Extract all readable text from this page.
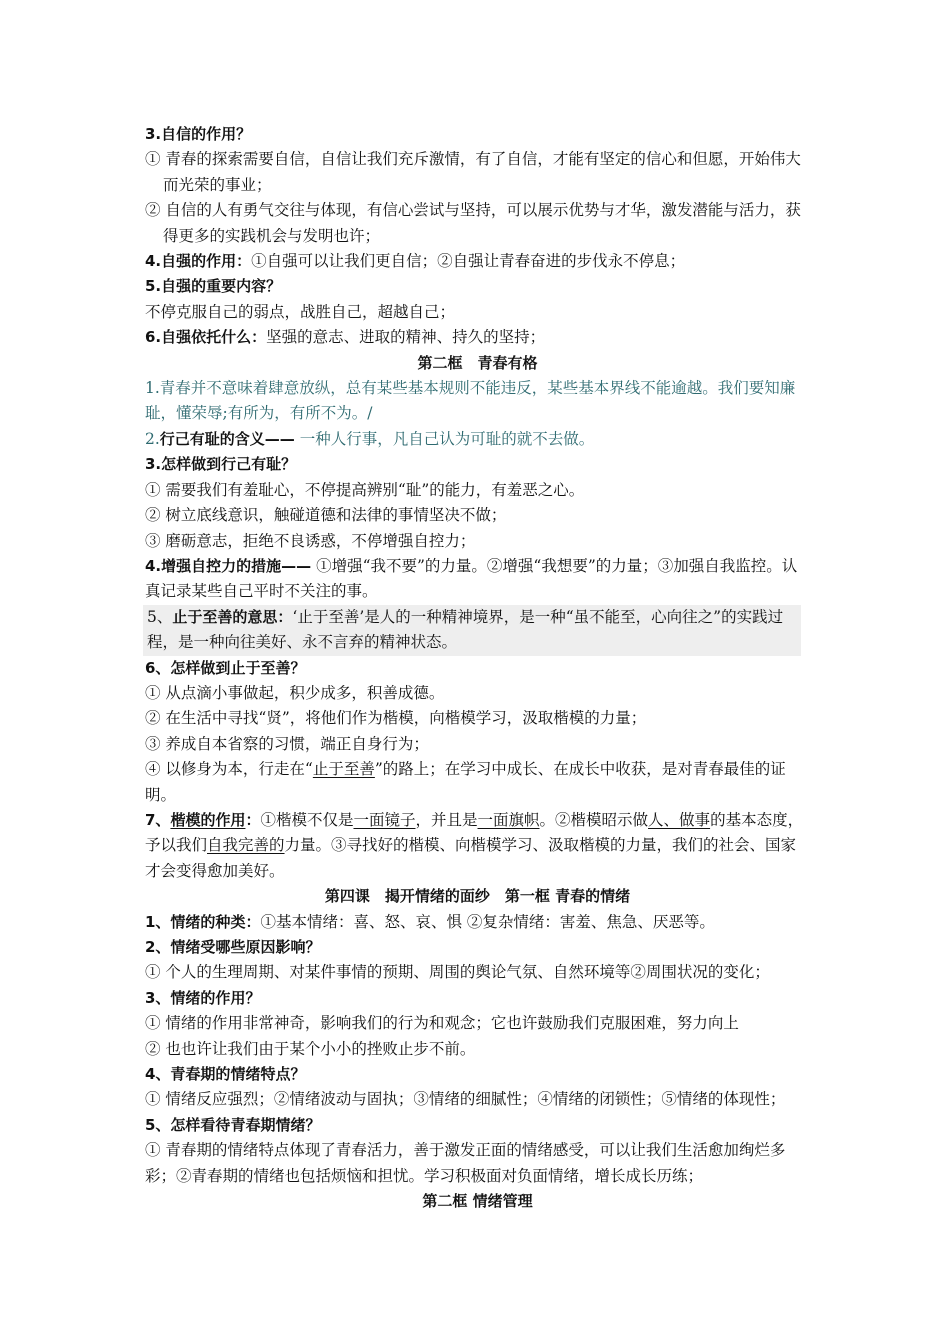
3.自信的作用？

① 青春的探索需要自信，自信让我们充斥激情，有了自信，才能有坚定的信心和但愿，开始伟大而光荣的事业；

② 自信的人有勇气交往与体现，有信心尝试与坚持，可以展示优势与才华，激发潜能与活力，获得更多的实践机会与发明也许；

4.自强的作用：①自强可以让我们更自信；②自强让青春奋进的步伐永不停息；

5.自强的重要内容？

不停克服自己的弱点，战胜自己，超越自己；

6.自强依托什么：坚强的意志、进取的精神、持久的坚持；

第二框　青春有格

1.青春并不意味着肆意放纵，总有某些基本规则不能违反，某些基本界线不能逾越。我们要知廉耻，懂荣辱;有所为，有所不为。/

2.行己有耻的含义—— 一种人行事，凡自己认为可耻的就不去做。

3.怎样做到行己有耻？

① 需要我们有羞耻心，不停提高辨别“耻”的能力，有羞恶之心。

② 树立底线意识，触碰道德和法律的事情坚决不做；

③ 磨砺意志，拒绝不良诱惑，不停增强自控力；

4.增强自控力的措施—— ①增强“我不要”的力量。②增强“我想要”的力量；③加强自我监控。认真记录某些自己平时不关注的事。

5、止于至善的意思：‘止于至善’是人的一种精神境界，是一种“虽不能至，心向往之”的实践过程，是一种向往美好、永不言弃的精神状态。

6、怎样做到止于至善？

① 从点滴小事做起，积少成多，积善成德。

② 在生活中寻找“贤”，将他们作为楷模，向楷模学习，汲取楷模的力量；

③ 养成自本省察的习惯，端正自身行为；

④ 以修身为本，行走在“止于至善”的路上；在学习中成长、在成长中收获，是对青春最佳的证明。

7、楷模的作用：①楷模不仅是一面镜子，并且是一面旗帜。②楷模昭示做人、做事的基本态度，予以我们自我完善的力量。③寻找好的楷模、向楷模学习、汲取楷模的力量，我们的社会、国家才会变得愈加美好。

第四课　揭开情绪的面纱　第一框 青春的情绪

1、情绪的种类：①基本情绪：喜、怒、哀、惧 ②复杂情绪：害羞、焦急、厌恶等。

2、情绪受哪些原因影响？

① 个人的生理周期、对某件事情的预期、周围的舆论气氛、自然环境等②周围状况的变化；

3、情绪的作用？

① 情绪的作用非常神奇，影响我们的行为和观念；它也许鼓励我们克服困难，努力向上

② 也也许让我们由于某个小小的挫败止步不前。

4、青春期的情绪特点？

① 情绪反应强烈；②情绪波动与固执；③情绪的细腻性；④情绪的闭锁性；⑤情绪的体现性；

5、怎样看待青春期情绪？

① 青春期的情绪特点体现了青春活力，善于激发正面的情绪感受，可以让我们生活愈加绚烂多彩；②青春期的情绪也包括烦恼和担忧。学习积极面对负面情绪，增长成长历练；

第二框 情绪管理
